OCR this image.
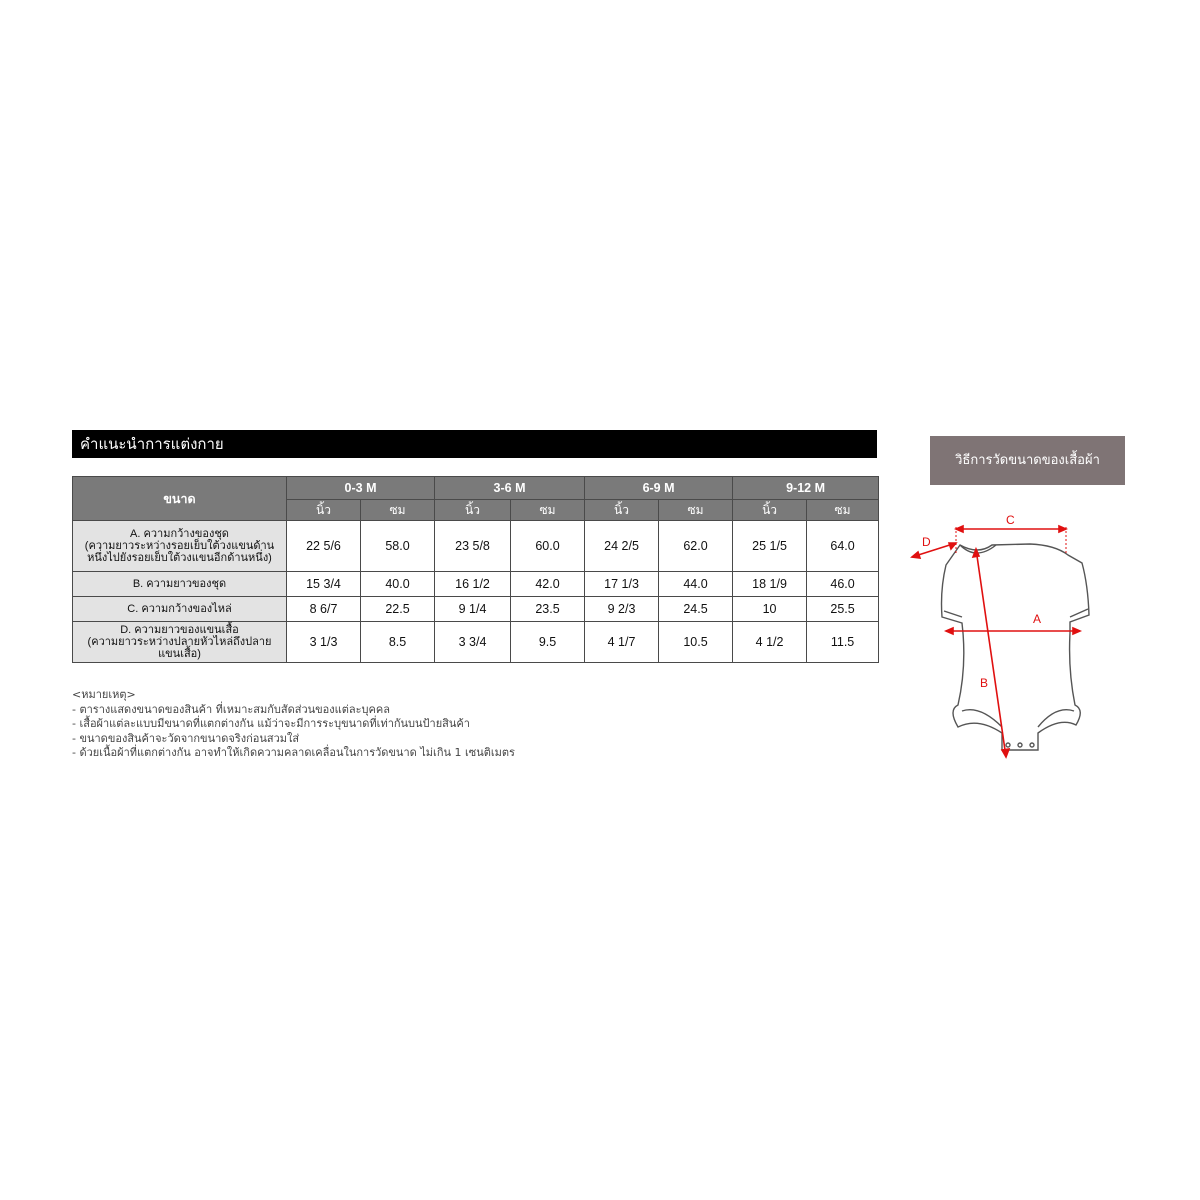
คำแนะนำการแต่งกาย
ขนาด	0-3 M		3-6 M		6-9 M		9-12 M	
	นิ้ว	ซม	นิ้ว	ซม	นิ้ว	ซม	นิ้ว	ซม

A. ความกว้างของชุด
(ความยาวระหว่างรอยเย็บใต้วงแขนด้าน
หนึ่งไปยังรอยเย็บใต้วงแขนอีกด้านหนึ่ง)	22 5/6	58.0	23 5/8	60.0	24 2/5	62.0	25 1/5	64.0

B. ความยาวของชุด	15 3/4	40.0	16 1/2	42.0	17 1/3	44.0	18 1/9	46.0

C. ความกว้างของไหล่	8 6/7	22.5	9 1/4	23.5	9 2/3	24.5	10	25.5

D. ความยาวของแขนเสื้อ
(ความยาวระหว่างปลายหัวไหล่ถึงปลาย
แขนเสื้อ)	3 1/3	8.5	3 3/4	9.5	4 1/7	10.5	4 1/2	11.5
<หมายเหตุ>
- ตารางแสดงขนาดของสินค้า ที่เหมาะสมกับสัดส่วนของแต่ละบุคคล
- เสื้อผ้าแต่ละแบบมีขนาดที่แตกต่างกัน แม้ว่าจะมีการระบุขนาดที่เท่ากันบนป้ายสินค้า
- ขนาดของสินค้าจะวัดจากขนาดจริงก่อนสวมใส่
- ด้วยเนื้อผ้าที่แตกต่างกัน อาจทำให้เกิดความคลาดเคลื่อนในการวัดขนาด ไม่เกิน 1 เซนติเมตร
วิธีการวัดขนาดของเสื้อผ้า
C
D
A
B
